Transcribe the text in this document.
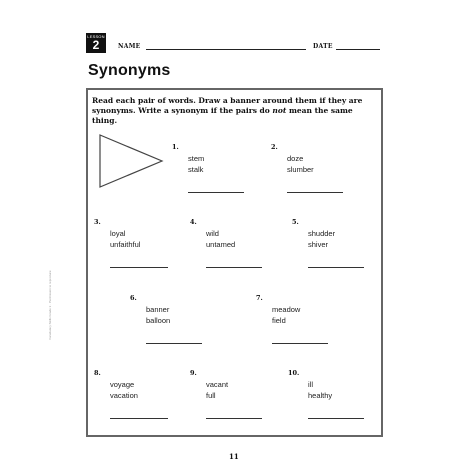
LESSON
2	NAME	DATE
Synonyms
Read each pair of words. Draw a banner around them if they are synonyms. Write a synonym if the pairs do not mean the same thing.
1.
stem
stalk
2.
doze
slumber
3.
loyal
unfaithful
4.
wild
untamed
5.
shudder
shiver
6.
banner
balloon
7.
meadow
field
8.
voyage
vacation
9.
vacant
full
10.
ill
healthy
Vocabulary Skills Grade 3 · Permission to reproduce
11
